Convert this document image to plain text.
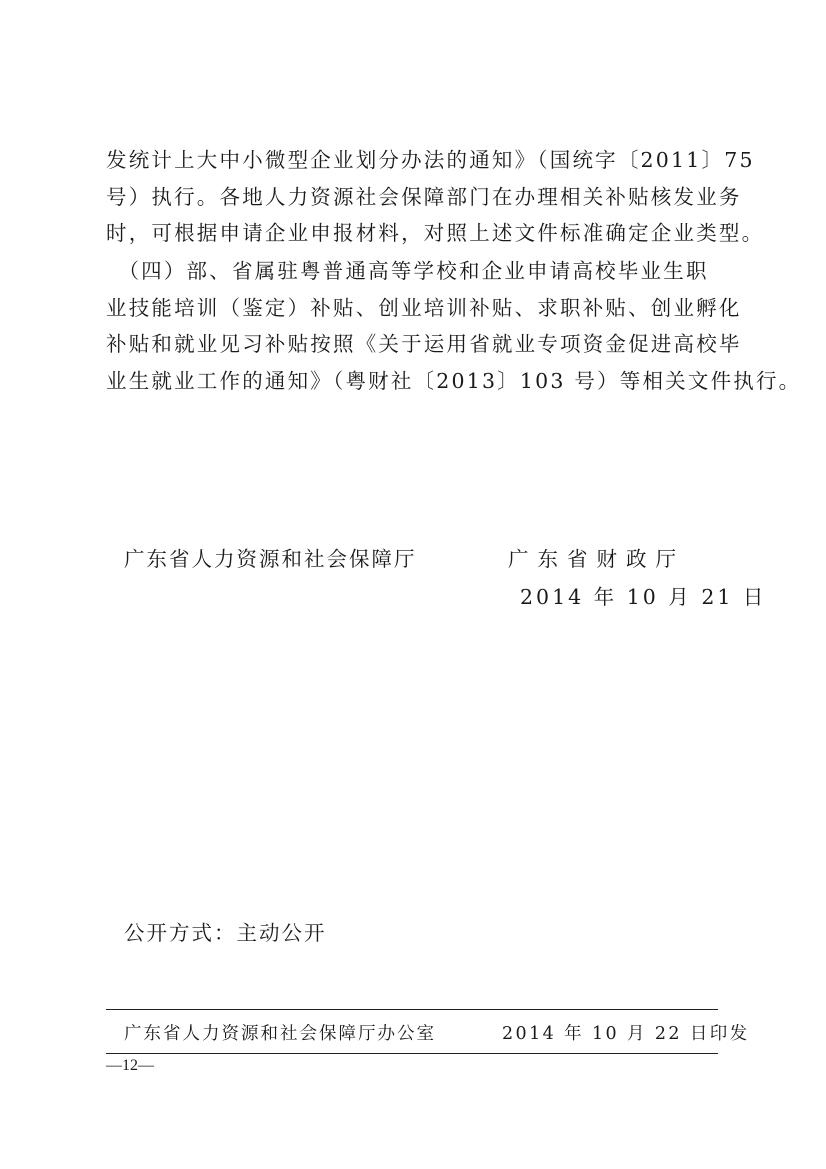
发统计上大中小微型企业划分办法的通知》（国统字〔2011〕75
号）执行。各地人力资源社会保障部门在办理相关补贴核发业务
时，可根据申请企业申报材料，对照上述文件标准确定企业类型。
　（四）部、省属驻粤普通高等学校和企业申请高校毕业生职
业技能培训（鉴定）补贴、创业培训补贴、求职补贴、创业孵化
补贴和就业见习补贴按照《关于运用省就业专项资金促进高校毕
业生就业工作的通知》（粤财社〔2013〕103 号）等相关文件执行。
广东省人力资源和社会保障厅	广东省财政厅
2014 年 10 月 21 日
公开方式：主动公开
广东省人力资源和社会保障厅办公室	2014 年 10 月 22 日印发
—12—
